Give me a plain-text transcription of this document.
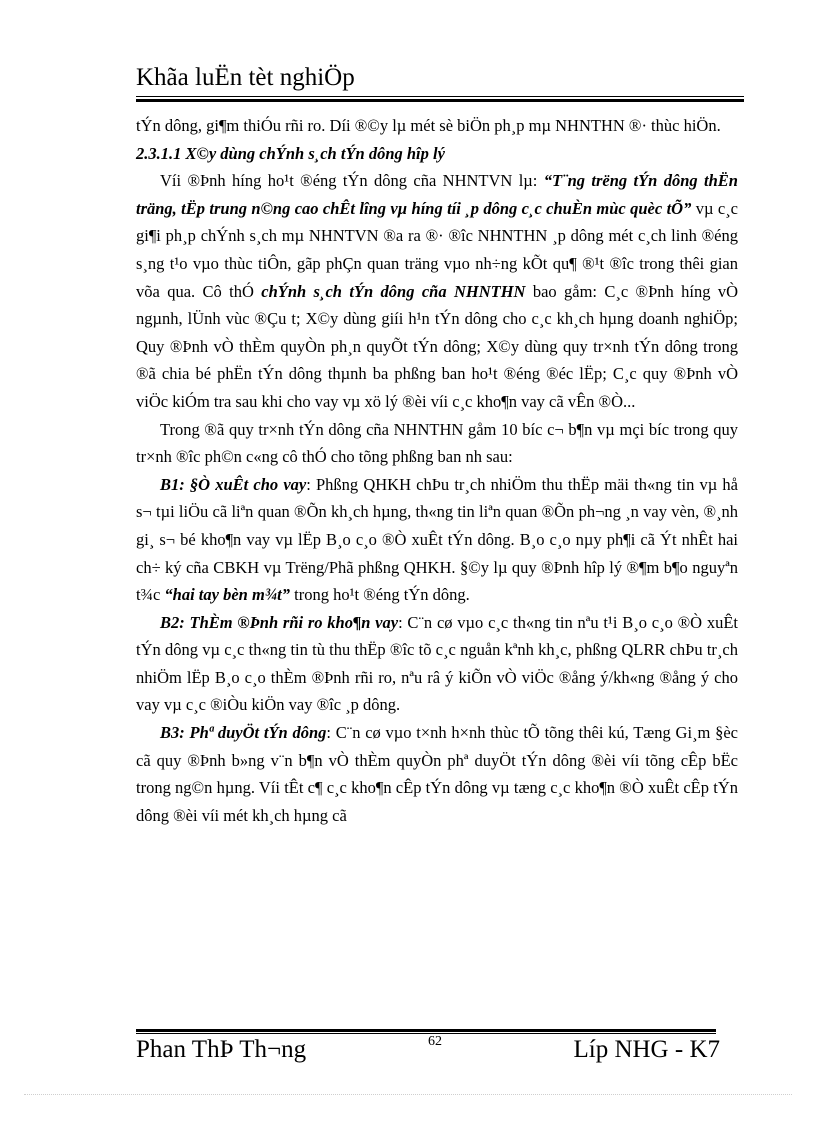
Khãa luËn tèt nghiÖp

tÝn dông, gi¶m thiÓu rñi ro. Díi ®©y lµ mét sè biÖn ph¸p mµ NHNTHN ®· thùc hiÖn.

2.3.1.1 X©y dùng chÝnh s¸ch tÝn dông hîp lý

Víi ®Þnh híng ho¹t ®éng tÝn dông cña NHNTVN lµ: “T¨ng trëng tÝn dông thËn träng, tËp trung n©ng cao chÊt lîng vµ híng tíi ¸p dông c¸c chuÈn mùc quèc tÕ” vµ c¸c gi¶i ph¸p chÝnh s¸ch mµ NHNTVN ®a ra ®· ®îc NHNTHN ¸p dông mét c¸ch linh ®éng s¸ng t¹o vµo thùc tiÔn, gãp phÇn quan träng vµo nh÷ng kÕt qu¶ ®¹t ®îc trong thêi gian võa qua. Cô thÓ chÝnh s¸ch tÝn dông cña NHNTHN bao gåm: C¸c ®Þnh híng vÒ ngµnh, lÜnh vùc ®Çu t; X©y dùng giíi h¹n tÝn dông cho c¸c kh¸ch hµng doanh nghiÖp; Quy ®Þnh vÒ thÈm quyÒn ph¸n quyÕt tÝn dông; X©y dùng quy tr×nh tÝn dông trong ®ã chia bé phËn tÝn dông thµnh ba phßng ban ho¹t ®éng ®éc lËp; C¸c quy ®Þnh vÒ viÖc kiÓm tra sau khi cho vay vµ xö lý ®èi víi c¸c kho¶n vay cã vÊn ®Ò...

Trong ®ã quy tr×nh tÝn dông cña NHNTHN gåm 10 bíc c¬ b¶n vµ mçi bíc trong quy tr×nh ®îc ph©n c«ng cô thÓ cho tõng phßng ban nh sau:

B1: §Ò xuÊt cho vay: Phßng QHKH chÞu tr¸ch nhiÖm thu thËp mäi th«ng tin vµ hå s¬ tµi liÖu cã liªn quan ®Õn kh¸ch hµng, th«ng tin liªn quan ®Õn ph¬ng ¸n vay vèn, ®¸nh gi¸ s¬ bé kho¶n vay vµ lËp B¸o c¸o ®Ò xuÊt tÝn dông. B¸o c¸o nµy ph¶i cã Ýt nhÊt hai ch÷ ký cña CBKH vµ Trëng/Phã phßng QHKH. §©y lµ quy ®Þnh hîp lý ®¶m b¶o nguyªn t¾c “hai tay bèn m¾t” trong ho¹t ®éng tÝn dông.

B2: ThÈm ®Þnh rñi ro kho¶n vay: C¨n cø vµo c¸c th«ng tin nªu t¹i B¸o c¸o ®Ò xuÊt tÝn dông vµ c¸c th«ng tin tù thu thËp ®îc tõ c¸c nguån kªnh kh¸c, phßng QLRR chÞu tr¸ch nhiÖm lËp B¸o c¸o thÈm ®Þnh rñi ro, nªu râ ý kiÕn vÒ viÖc ®ång ý/kh«ng ®ång ý cho vay vµ c¸c ®iÒu kiÖn vay ®îc ¸p dông.

B3: Phª duyÖt tÝn dông: C¨n cø vµo t×nh h×nh thùc tÕ tõng thêi kú, Tæng Gi¸m §èc cã quy ®Þnh b»ng v¨n b¶n vÒ thÈm quyÒn phª duyÖt tÝn dông ®èi víi tõng cÊp bËc trong ng©n hµng. Víi tÊt c¶ c¸c kho¶n cÊp tÝn dông vµ tæng c¸c kho¶n ®Ò xuÊt cÊp tÝn dông ®èi víi mét kh¸ch hµng cã

Phan ThÞ Th¬ng	62	Líp NHG - K7
